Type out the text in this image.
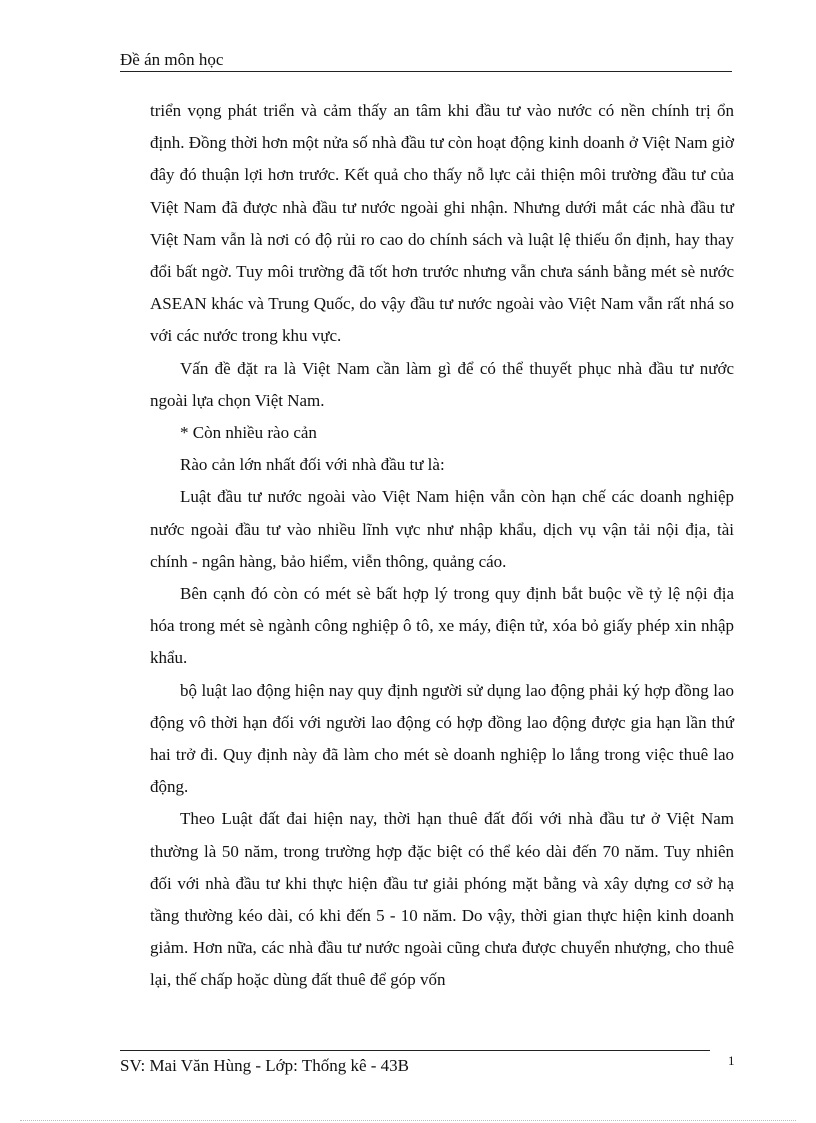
Đề án môn học

triển vọng phát triển và cảm thấy an tâm khi đầu tư vào nước có nền chính trị ổn định. Đồng thời hơn một nửa số nhà đầu tư còn hoạt động kinh doanh ở Việt Nam giờ đây đó thuận lợi hơn trước. Kết quả cho thấy nỗ lực cải thiện môi trường đầu tư của Việt Nam đã được nhà đầu tư nước ngoài ghi nhận. Nhưng dưới mắt các nhà đầu tư Việt Nam vẫn là nơi có độ rủi ro cao do chính sách và luật lệ thiếu ổn định, hay thay đổi bất ngờ. Tuy môi trường đã tốt hơn trước nhưng vẫn chưa sánh bằng mét sè nước ASEAN khác và Trung Quốc, do vậy đầu tư nước ngoài vào Việt Nam vẫn rất nhá so với các nước trong khu vực.

Vấn đề đặt ra là Việt Nam cần làm gì để có thể thuyết phục nhà đầu tư nước ngoài lựa chọn Việt Nam.

* Còn nhiều rào cản

Rào cản lớn nhất đối với nhà đầu tư là:

Luật đầu tư nước ngoài vào Việt Nam hiện vẫn còn hạn chế các doanh nghiệp nước ngoài đầu tư vào nhiều lĩnh vực như nhập khẩu, dịch vụ vận tải nội địa, tài chính - ngân hàng, bảo hiểm, viễn thông, quảng cáo.

Bên cạnh đó còn có mét sè bất hợp lý trong quy định bắt buộc về tỷ lệ nội địa hóa trong mét sè ngành công nghiệp ô tô, xe máy, điện tử, xóa bỏ giấy phép xin nhập khẩu.

bộ luật lao động hiện nay quy định người sử dụng lao động phải ký hợp đồng lao động vô thời hạn đối với người lao động có hợp đồng lao động được gia hạn lần thứ hai trở đi. Quy định này đã làm cho mét sè doanh nghiệp lo lắng trong việc thuê lao động.

Theo Luật đất đai hiện nay, thời hạn thuê đất đối với nhà đầu tư ở Việt Nam thường là 50 năm, trong trường hợp đặc biệt có thể kéo dài đến 70 năm. Tuy nhiên đối với nhà đầu tư khi thực hiện đầu tư giải phóng mặt bằng và xây dựng cơ sở hạ tầng thường kéo dài, có khi đến 5 - 10 năm. Do vậy, thời gian thực hiện kinh doanh giảm. Hơn nữa, các nhà đầu tư nước ngoài cũng chưa được chuyển nhượng, cho thuê lại, thế chấp hoặc dùng đất thuê để góp vốn

SV: Mai Văn Hùng - Lớp: Thống kê - 43B	1
